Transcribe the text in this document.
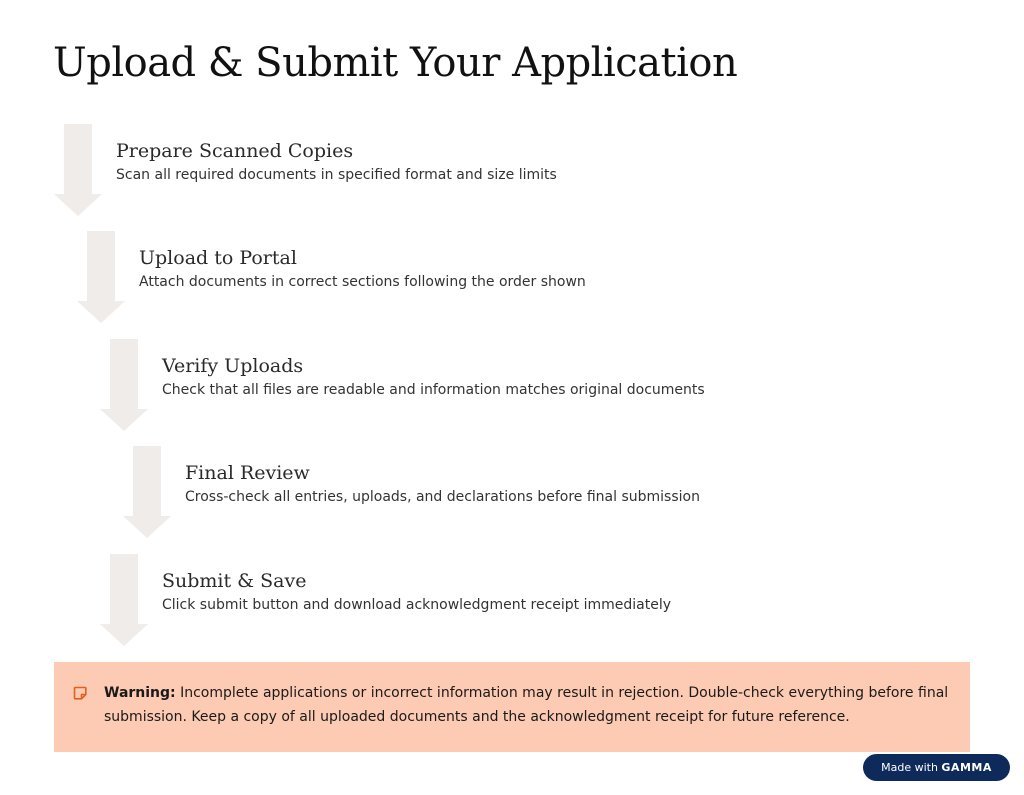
Upload & Submit Your Application
Prepare Scanned Copies
Scan all required documents in specified format and size limits
Upload to Portal
Attach documents in correct sections following the order shown
Verify Uploads
Check that all files are readable and information matches original documents
Final Review
Cross-check all entries, uploads, and declarations before final submission
Submit & Save
Click submit button and download acknowledgment receipt immediately
Warning: Incomplete applications or incorrect information may result in rejection. Double-check everything before final submission. Keep a copy of all uploaded documents and the acknowledgment receipt for future reference.
Made with GAMMA
